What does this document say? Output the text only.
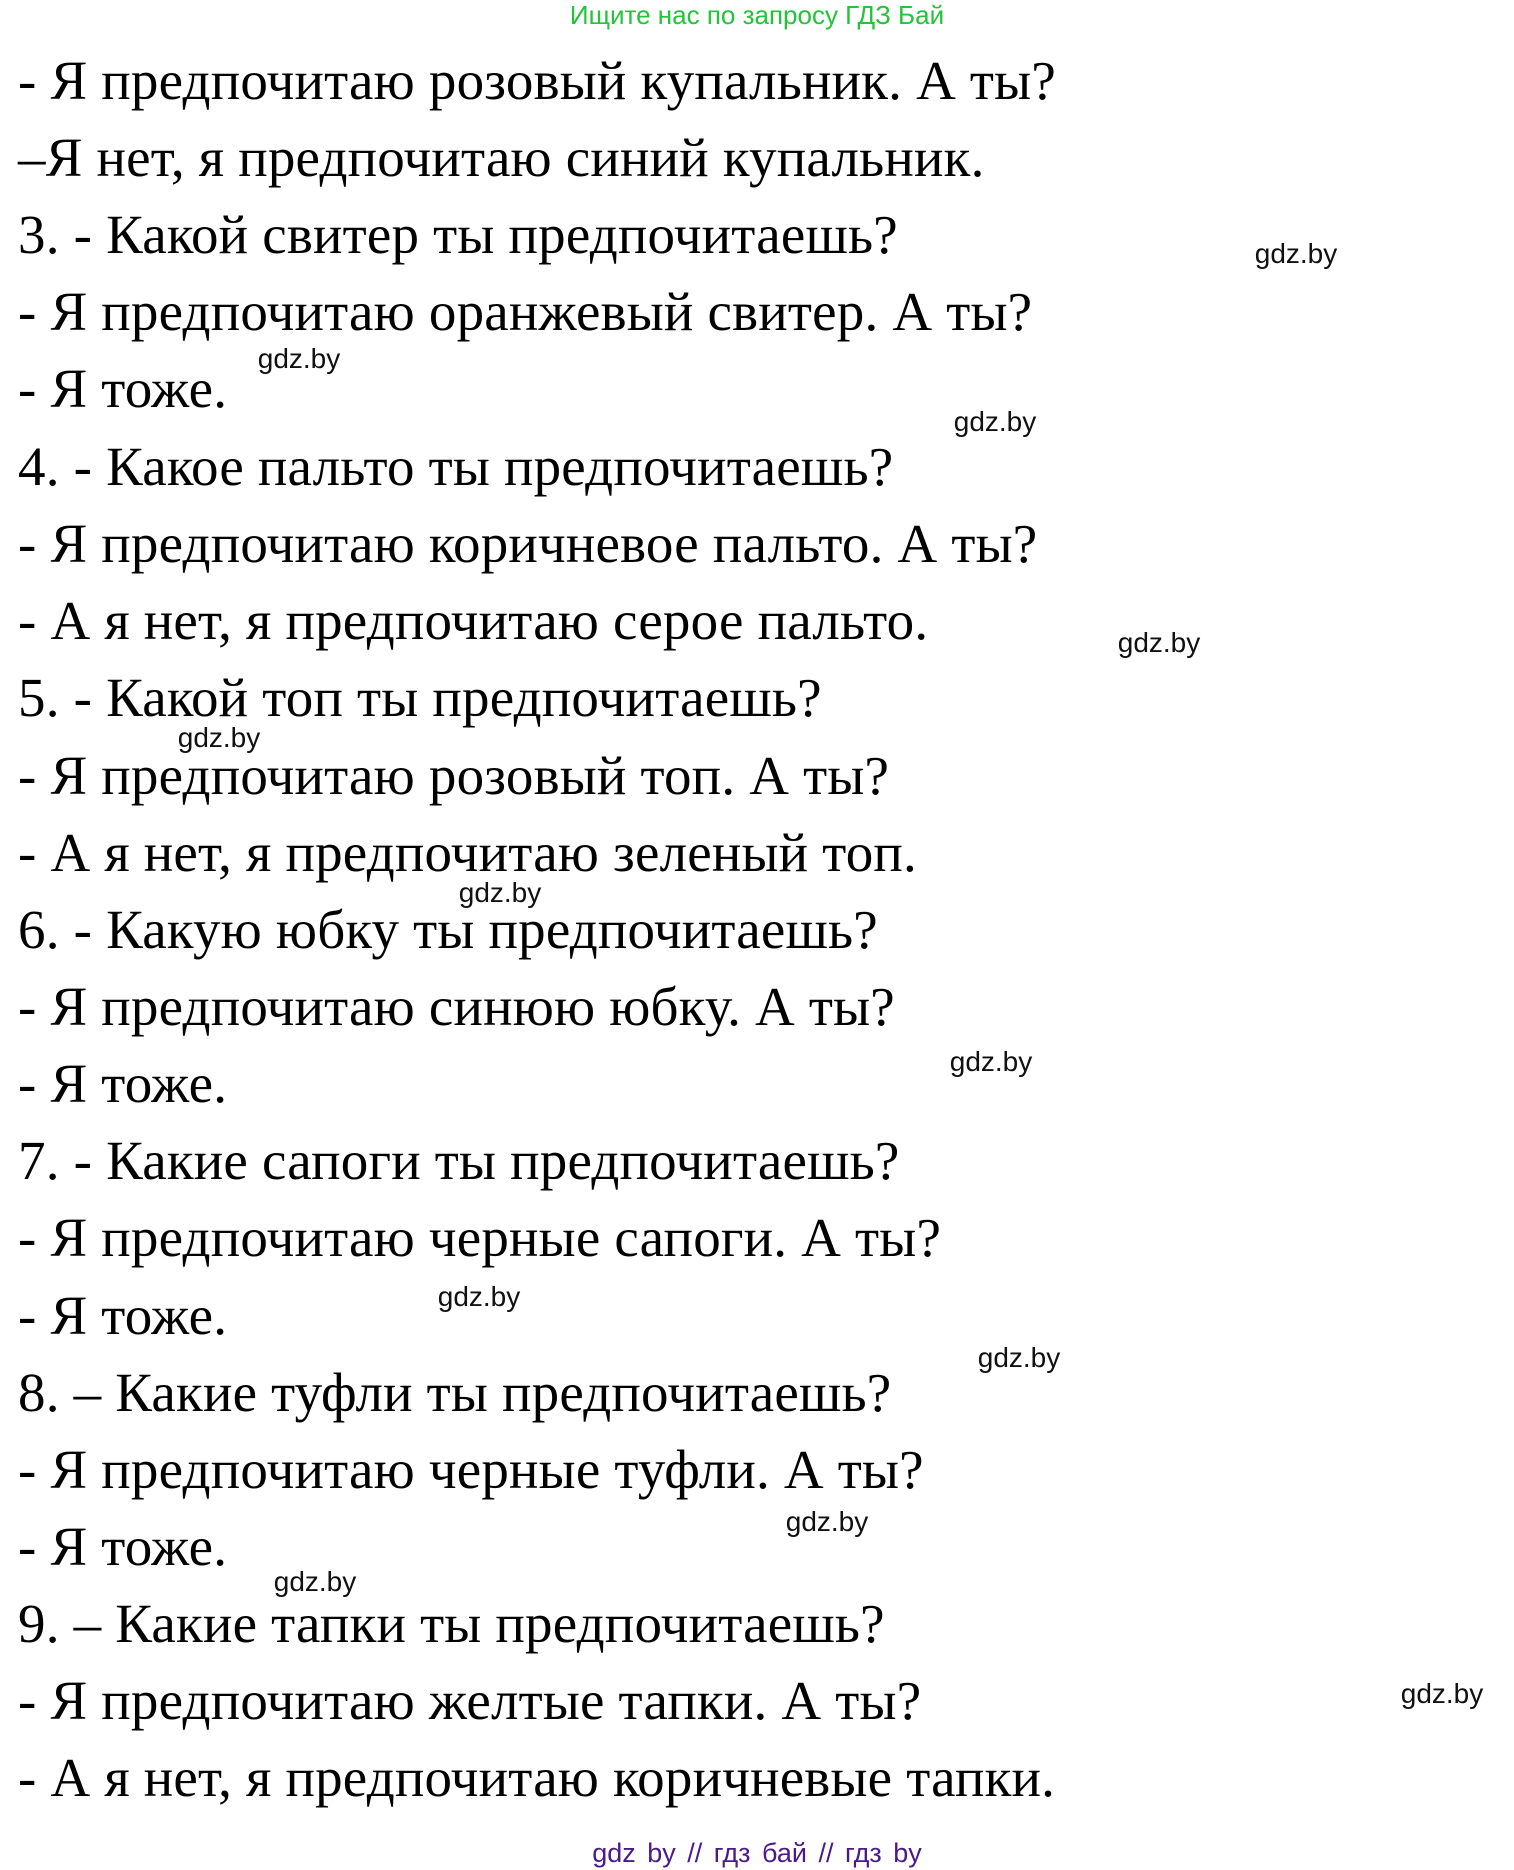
Ищите нас по запросу ГДЗ Бай
- Я предпочитаю розовый купальник. А ты?
–Я нет, я предпочитаю синий купальник.
3. - Какой свитер ты предпочитаешь?
- Я предпочитаю оранжевый свитер. А ты?
- Я тоже.
4. - Какое пальто ты предпочитаешь?
- Я предпочитаю коричневое пальто. А ты?
- А я нет, я предпочитаю серое пальто.
5. - Какой топ ты предпочитаешь?
- Я предпочитаю розовый топ. А ты?
- А я нет, я предпочитаю зеленый топ.
6. - Какую юбку ты предпочитаешь?
- Я предпочитаю синюю юбку. А ты?
- Я тоже.
7. - Какие сапоги ты предпочитаешь?
- Я предпочитаю черные сапоги. А ты?
- Я тоже.
8. – Какие туфли ты предпочитаешь?
- Я предпочитаю черные туфли. А ты?
- Я тоже.
9. – Какие тапки ты предпочитаешь?
- Я предпочитаю желтые тапки. А ты?
- А я нет, я предпочитаю коричневые тапки.
gdz.by
gdz.by
gdz.by
gdz.by
gdz.by
gdz.by
gdz.by
gdz.by
gdz.by
gdz.by
gdz.by
gdz.by
gdz by // гдз бай // гдз by
